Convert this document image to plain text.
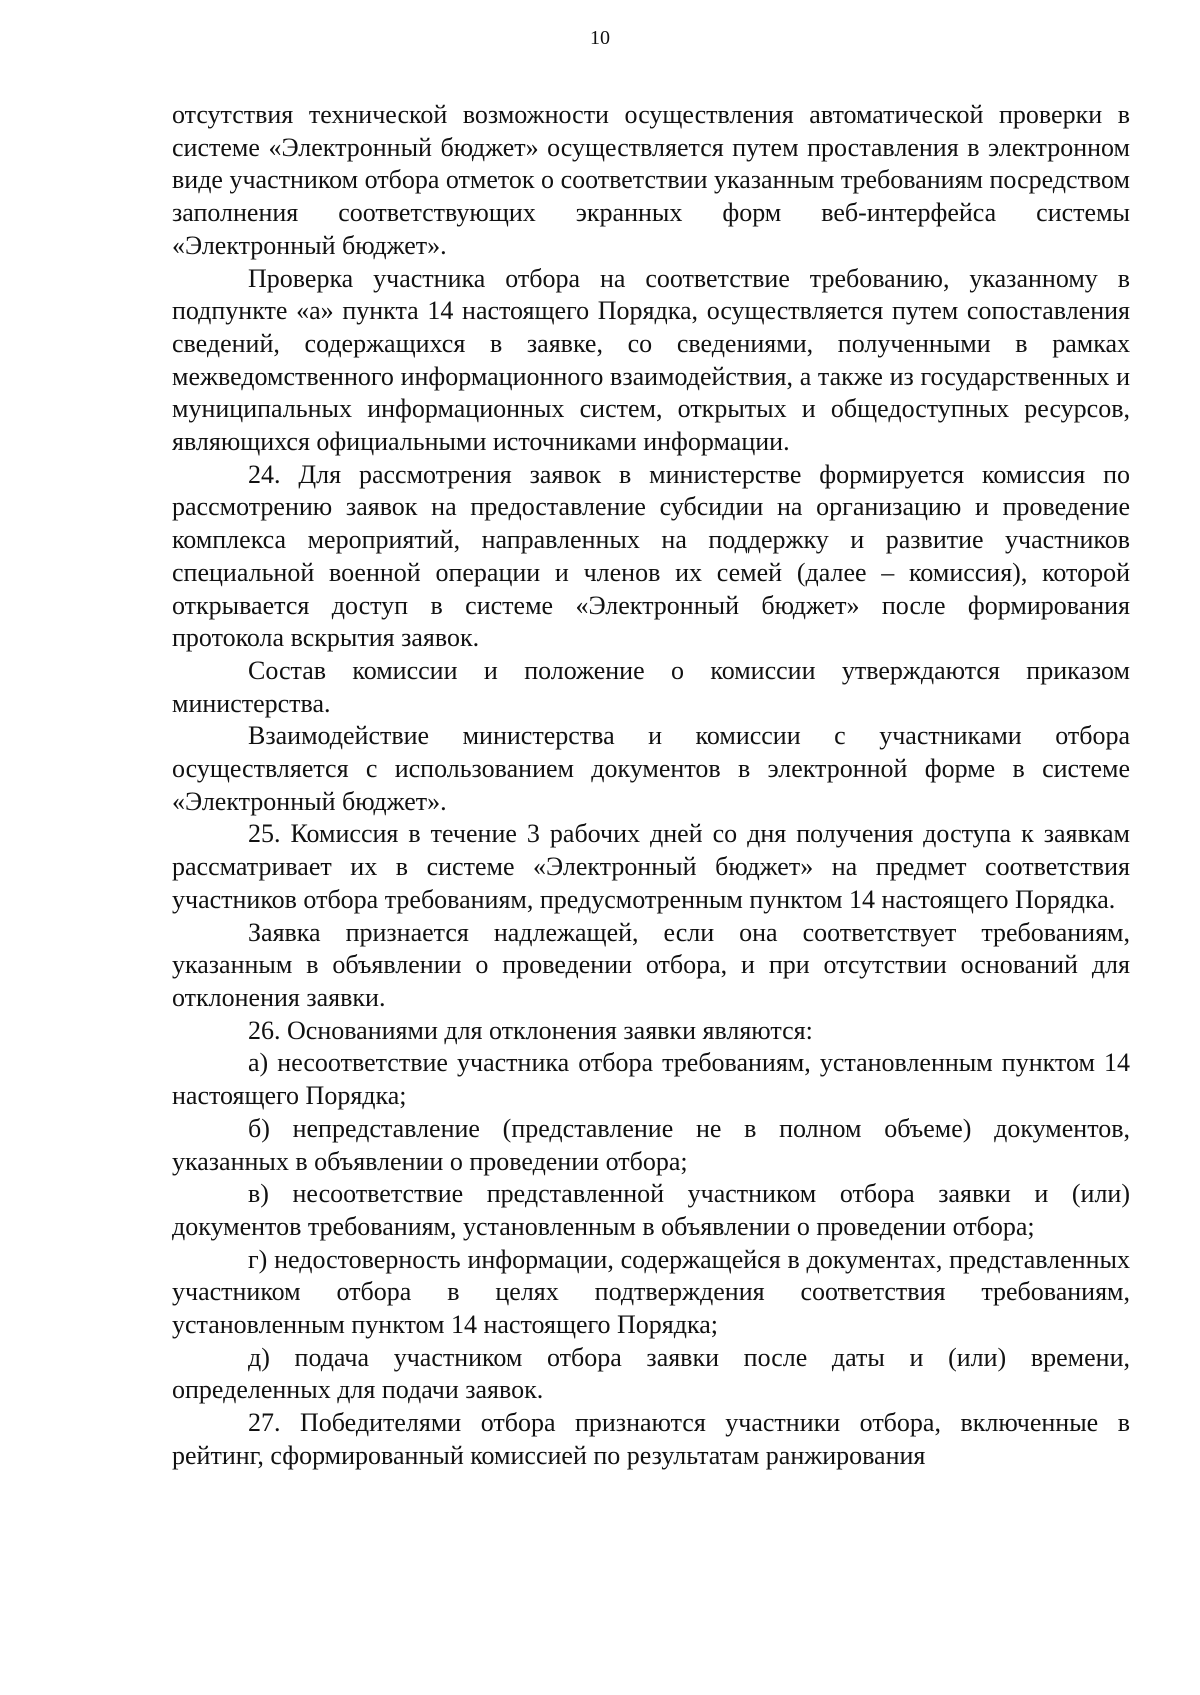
10

отсутствия технической возможности осуществления автоматической проверки в системе «Электронный бюджет» осуществляется путем проставления в электронном виде участником отбора отметок о соответствии указанным требованиям посредством заполнения соответствующих экранных форм веб-интерфейса системы «Электронный бюджет».

Проверка участника отбора на соответствие требованию, указанному в подпункте «а» пункта 14 настоящего Порядка, осуществляется путем сопоставления сведений, содержащихся в заявке, со сведениями, полученными в рамках межведомственного информационного взаимодействия, а также из государственных и муниципальных информационных систем, открытых и общедоступных ресурсов, являющихся официальными источниками информации.

24. Для рассмотрения заявок в министерстве формируется комиссия по рассмотрению заявок на предоставление субсидии на организацию и проведение комплекса мероприятий, направленных на поддержку и развитие участников специальной военной операции и членов их семей (далее – комиссия), которой открывается доступ в системе «Электронный бюджет» после формирования протокола вскрытия заявок.

Состав комиссии и положение о комиссии утверждаются приказом министерства.

Взаимодействие министерства и комиссии с участниками отбора осуществляется с использованием документов в электронной форме в системе «Электронный бюджет».

25. Комиссия в течение 3 рабочих дней со дня получения доступа к заявкам рассматривает их в системе «Электронный бюджет» на предмет соответствия участников отбора требованиям, предусмотренным пунктом 14 настоящего Порядка.

Заявка признается надлежащей, если она соответствует требованиям, указанным в объявлении о проведении отбора, и при отсутствии оснований для отклонения заявки.

26. Основаниями для отклонения заявки являются:

а) несоответствие участника отбора требованиям, установленным пунктом 14 настоящего Порядка;

б) непредставление (представление не в полном объеме) документов, указанных в объявлении о проведении отбора;

в) несоответствие представленной участником отбора заявки и (или) документов требованиям, установленным в объявлении о проведении отбора;

г) недостоверность информации, содержащейся в документах, представленных участником отбора в целях подтверждения соответствия требованиям, установленным пунктом 14 настоящего Порядка;

д) подача участником отбора заявки после даты и (или) времени, определенных для подачи заявок.

27. Победителями отбора признаются участники отбора, включенные в рейтинг, сформированный комиссией по результатам ранжирования
